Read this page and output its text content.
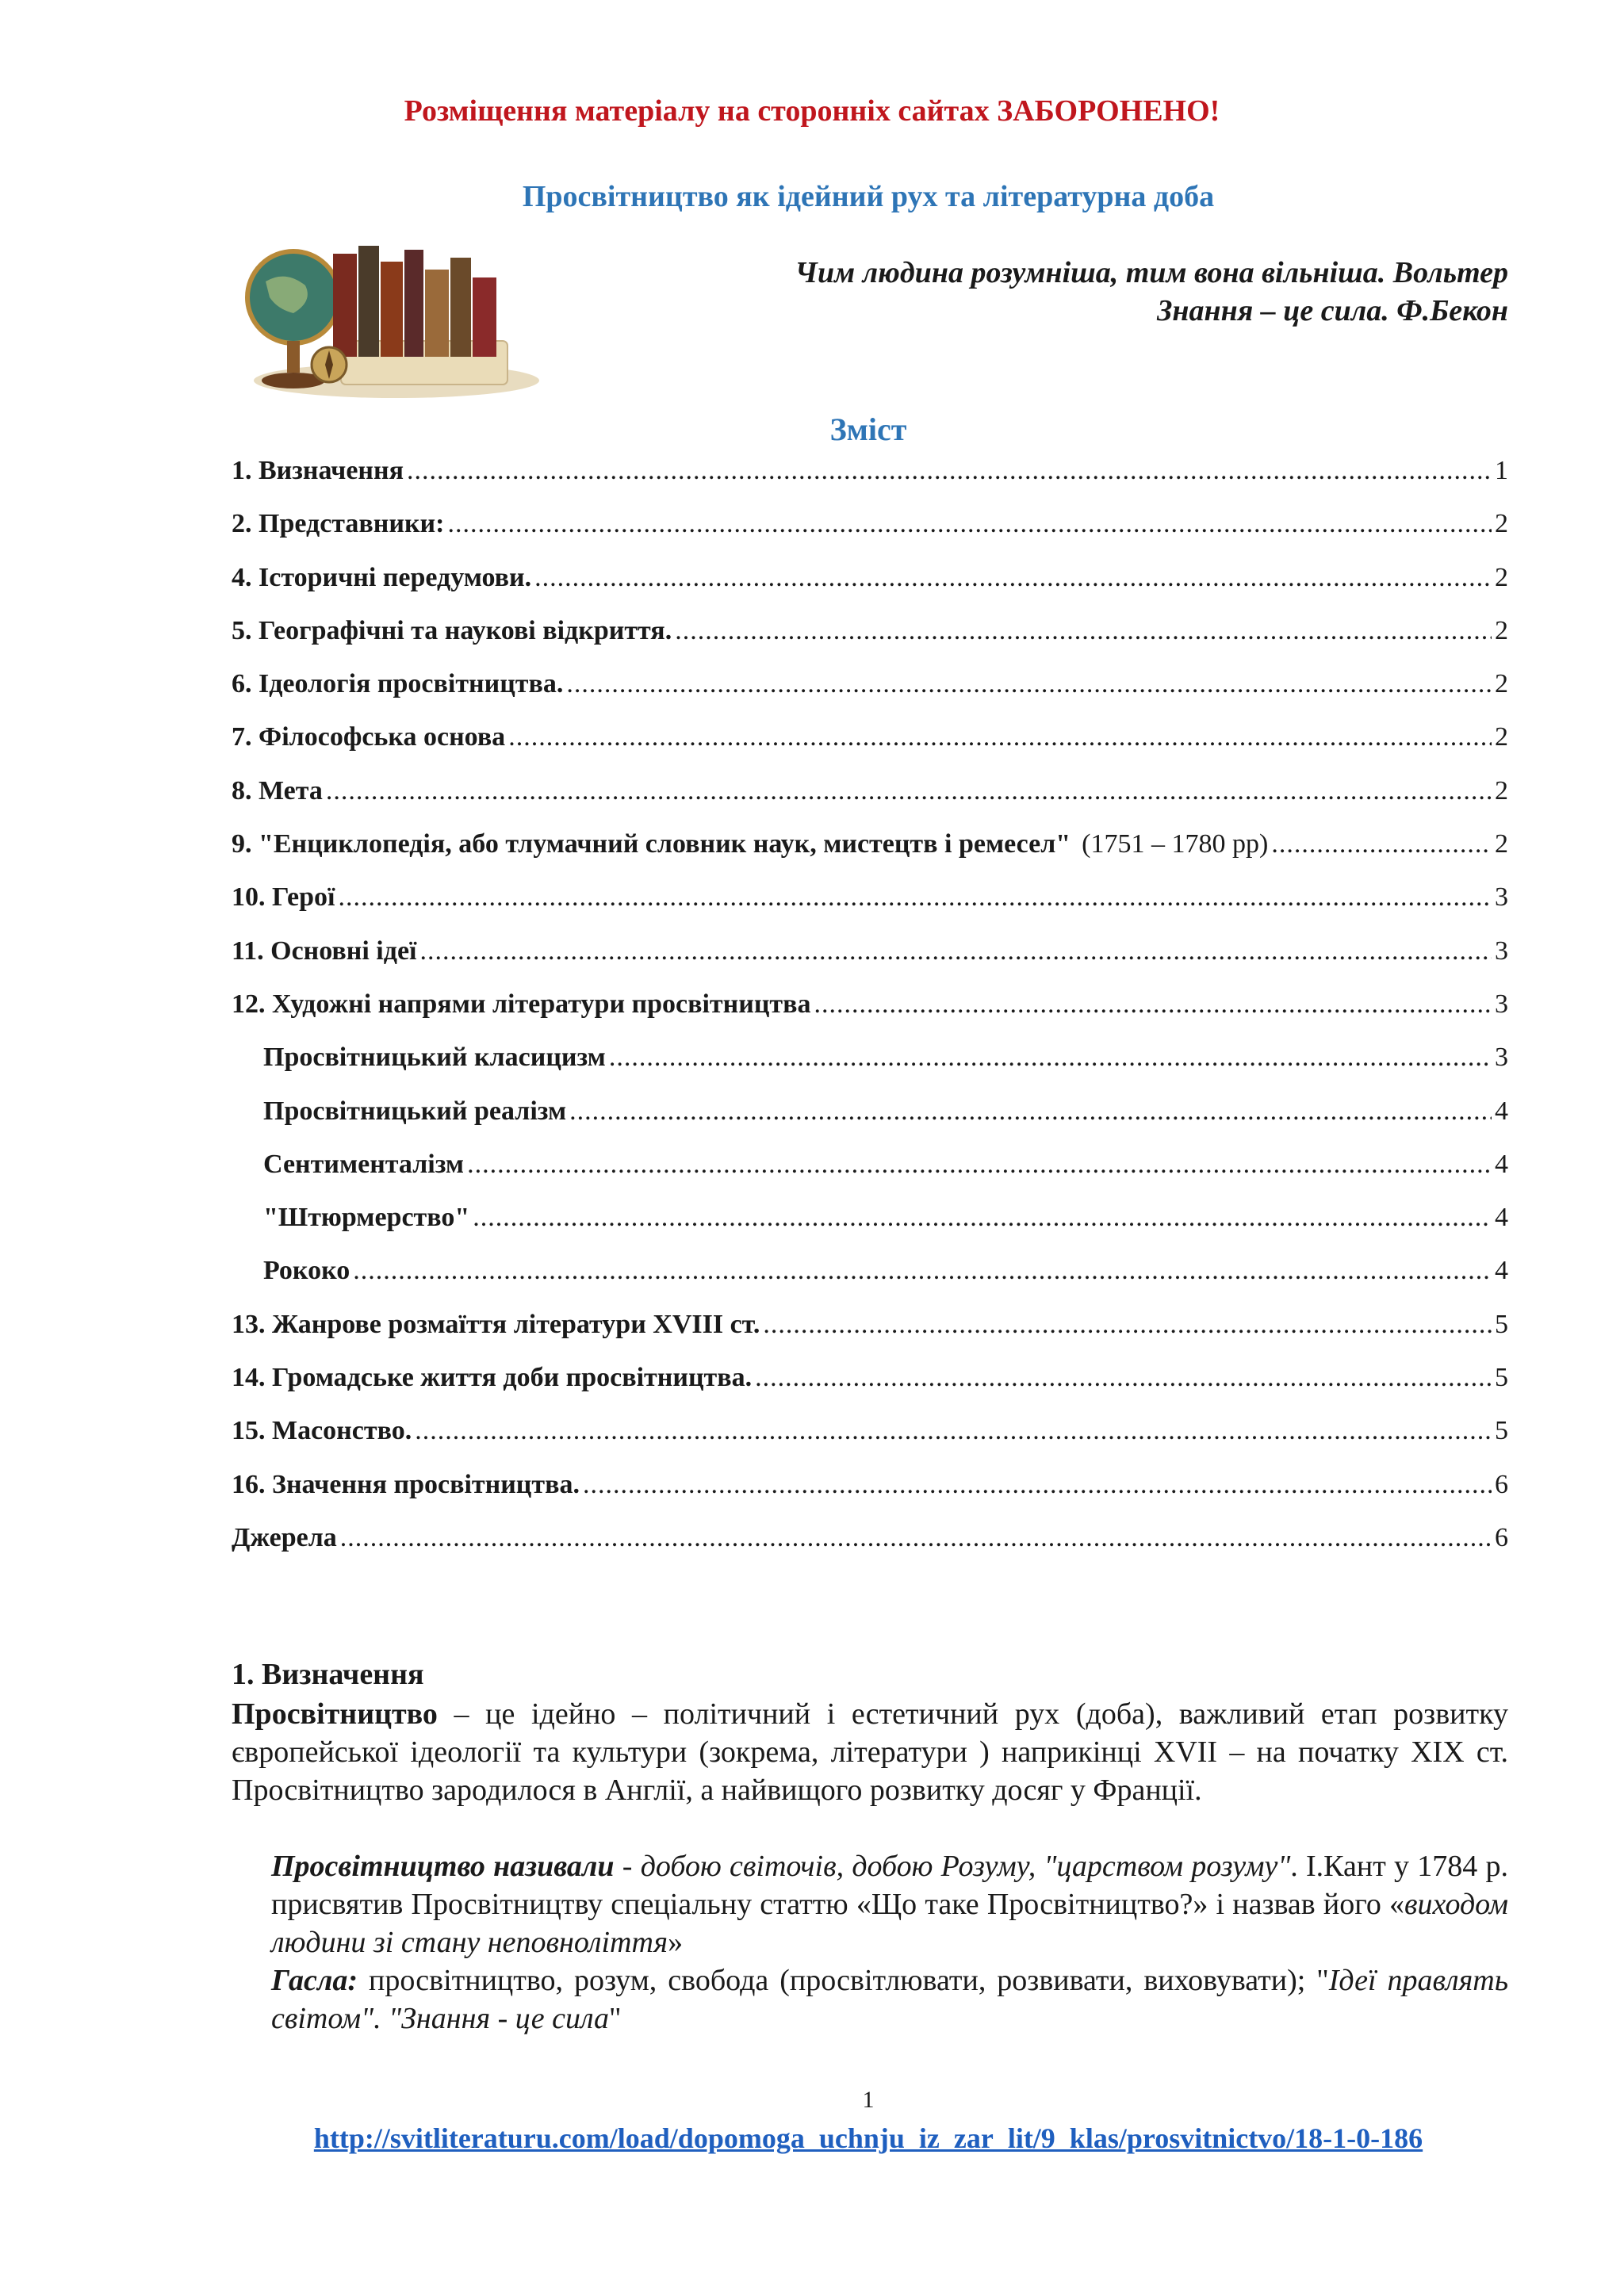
Розміщення матеріалу на сторонніх сайтах ЗАБОРОНЕНО!
Просвітництво як ідейний рух та літературна доба
Чим людина розумніша, тим вона вільніша. Вольтер
Знання – це сила. Ф.Бекон
Зміст
1. Визначення .....	1
2. Представники: .....	2
4. Історичні передумови. .....	2
5. Географічні та наукові відкриття. .....	2
6. Ідеологія просвітництва. .....	2
7. Філософська основа .....	2
8. Мета .....	2
9. "Енциклопедія, або тлумачний словник наук, мистецтв і ремесел" (1751 – 1780 рр) .....	2
10. Герої .....	3
11. Основні ідеї .....	3
12. Художні напрями літератури просвітництва .....	3
Просвітницький класицизм .....	3
Просвітницький реалізм .....	4
Сентименталізм .....	4
"Штюрмерство" .....	4
Рококо .....	4
13. Жанрове розмаїття літератури XVIII ст. .....	5
14. Громадське життя доби просвітництва. .....	5
15. Масонство. .....	5
16. Значення просвітництва. .....	6
Джерела .....	6
1. Визначення
Просвітництво – це ідейно – політичний і естетичний рух (доба), важливий етап розвитку європейської ідеології та культури (зокрема, літератури ) наприкінці XVII – на початку XIX ст. Просвітництво зародилося в Англії, а найвищого розвитку досяг у Франції.
Просвітництво називали - добою світочів, добою Розуму, "царством розуму". І.Кант у 1784 р. присвятив Просвітництву спеціальну статтю «Що таке Просвітництво?» і назвав його «виходом людини зі стану неповноліття»
Гасла: просвітництво, розум, свобода (просвітлювати, розвивати, виховувати); "Ідеї правлять світом". "Знання - це сила"
1
http://svitliteraturu.com/load/dopomoga_uchnju_iz_zar_lit/9_klas/prosvitnictvo/18-1-0-186
